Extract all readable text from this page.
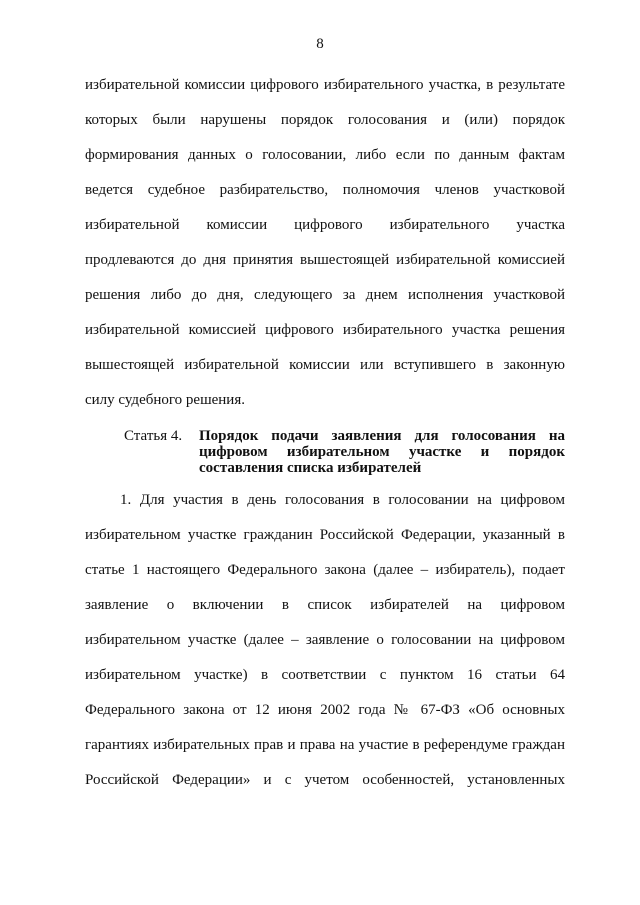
8
избирательной комиссии цифрового избирательного участка, в результате
которых были нарушены порядок голосования и (или) порядок
формирования данных о голосовании, либо если по данным фактам
ведется судебное разбирательство, полномочия членов участковой
избирательной комиссии цифрового избирательного участка
продлеваются до дня принятия вышестоящей избирательной комиссией
решения либо до дня, следующего за днем исполнения участковой
избирательной комиссией цифрового избирательного участка решения
вышестоящей избирательной комиссии или вступившего в законную
силу судебного решения.
Статья 4. Порядок подачи заявления для голосования на
цифровом избирательном участке и порядок
составления списка избирателей
1. Для участия в день голосования в голосовании на цифровом
избирательном участке гражданин Российской Федерации, указанный в
статье 1 настоящего Федерального закона (далее – избиратель), подает
заявление о включении в список избирателей на цифровом
избирательном участке (далее – заявление о голосовании на цифровом
избирательном участке) в соответствии с пунктом 16 статьи 64
Федерального закона от 12 июня 2002 года № 67-ФЗ «Об основных
гарантиях избирательных прав и права на участие в референдуме граждан
Российской Федерации» и с учетом особенностей, установленных
